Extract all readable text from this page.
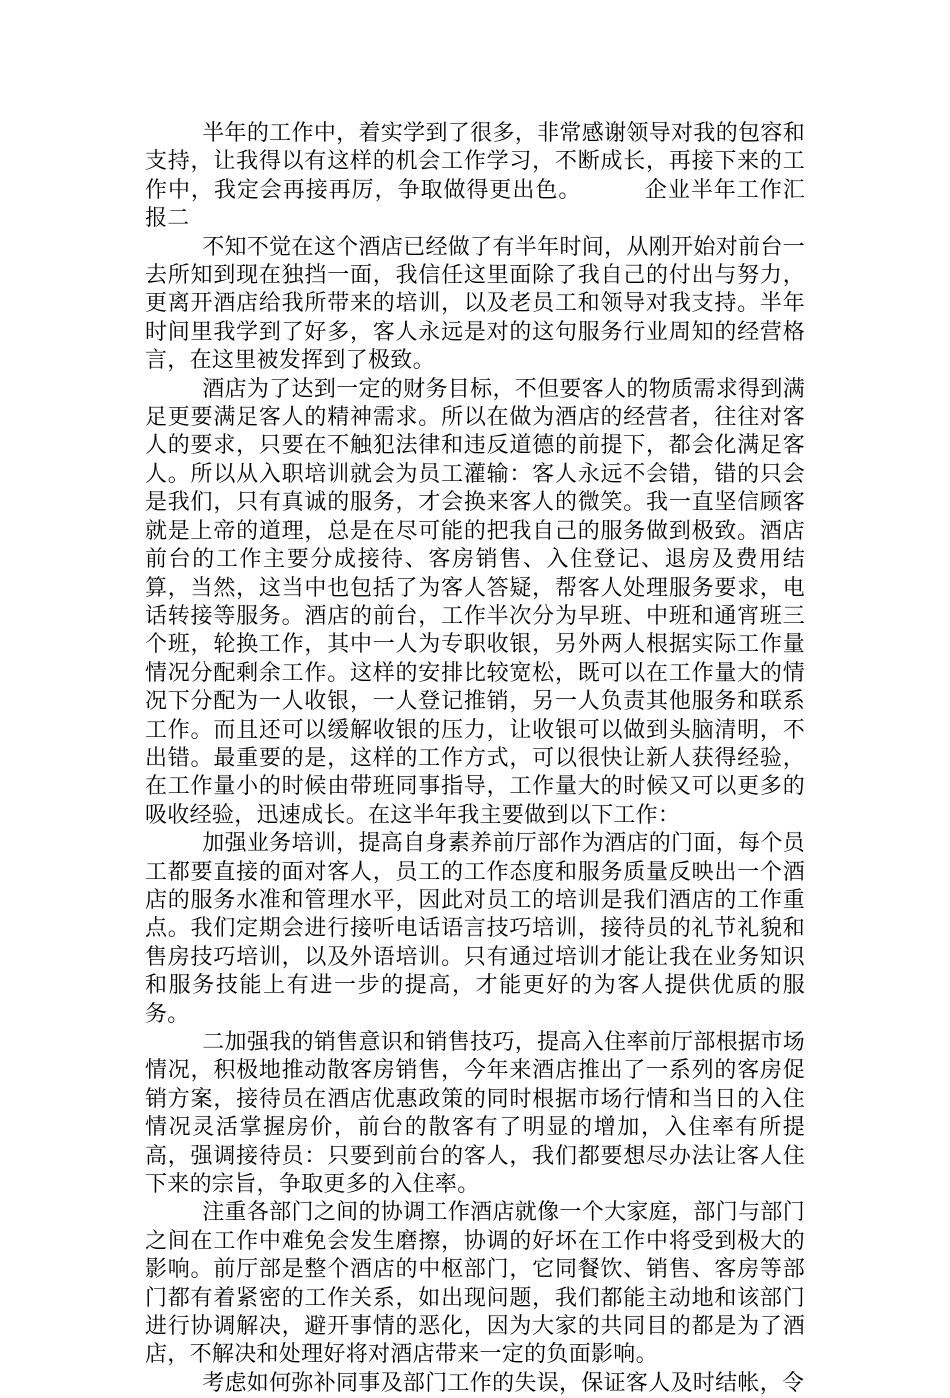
半年的工作中，着实学到了很多，非常感谢领导对我的包容和支持，让我得以有这样的机会工作学习，不断成长，再接下来的工作中，我定会再接再厉，争取做得更出色。        企业半年工作汇报二

不知不觉在这个酒店已经做了有半年时间，从刚开始对前台一去所知到现在独挡一面，我信任这里面除了我自己的付出与努力，更离开酒店给我所带来的培训，以及老员工和领导对我支持。半年时间里我学到了好多，客人永远是对的这句服务行业周知的经营格言，在这里被发挥到了极致。

酒店为了达到一定的财务目标，不但要客人的物质需求得到满足更要满足客人的精神需求。所以在做为酒店的经营者，往往对客人的要求，只要在不触犯法律和违反道德的前提下，都会化满足客人。所以从入职培训就会为员工灌输：客人永远不会错，错的只会是我们，只有真诚的服务，才会换来客人的微笑。我一直坚信顾客就是上帝的道理，总是在尽可能的把我自己的服务做到极致。酒店前台的工作主要分成接待、客房销售、入住登记、退房及费用结算，当然，这当中也包括了为客人答疑，帮客人处理服务要求，电话转接等服务。酒店的前台，工作半次分为早班、中班和通宵班三个班，轮换工作，其中一人为专职收银，另外两人根据实际工作量情况分配剩余工作。这样的安排比较宽松，既可以在工作量大的情况下分配为一人收银，一人登记推销，另一人负责其他服务和联系工作。而且还可以缓解收银的压力，让收银可以做到头脑清明，不出错。最重要的是，这样的工作方式，可以很快让新人获得经验，在工作量小的时候由带班同事指导，工作量大的时候又可以更多的吸收经验，迅速成长。在这半年我主要做到以下工作：

加强业务培训，提高自身素养前厅部作为酒店的门面，每个员工都要直接的面对客人，员工的工作态度和服务质量反映出一个酒店的服务水准和管理水平，因此对员工的培训是我们酒店的工作重点。我们定期会进行接听电话语言技巧培训，接待员的礼节礼貌和售房技巧培训，以及外语培训。只有通过培训才能让我在业务知识和服务技能上有进一步的提高，才能更好的为客人提供优质的服务。

二加强我的销售意识和销售技巧，提高入住率前厅部根据市场情况，积极地推动散客房销售，今年来酒店推出了一系列的客房促销方案，接待员在酒店优惠政策的同时根据市场行情和当日的入住情况灵活掌握房价，前台的散客有了明显的增加，入住率有所提高，强调接待员：只要到前台的客人，我们都要想尽办法让客人住下来的宗旨，争取更多的入住率。

注重各部门之间的协调工作酒店就像一个大家庭，部门与部门之间在工作中难免会发生磨擦，协调的好坏在工作中将受到极大的影响。前厅部是整个酒店的中枢部门，它同餐饮、销售、客房等部门都有着紧密的工作关系，如出现问题，我们都能主动地和该部门进行协调解决，避开事情的恶化，因为大家的共同目的都是为了酒店，不解决和处理好将对酒店带来一定的负面影响。

考虑如何弥补同事及部门工作的失误，保证客人及时结帐，令
